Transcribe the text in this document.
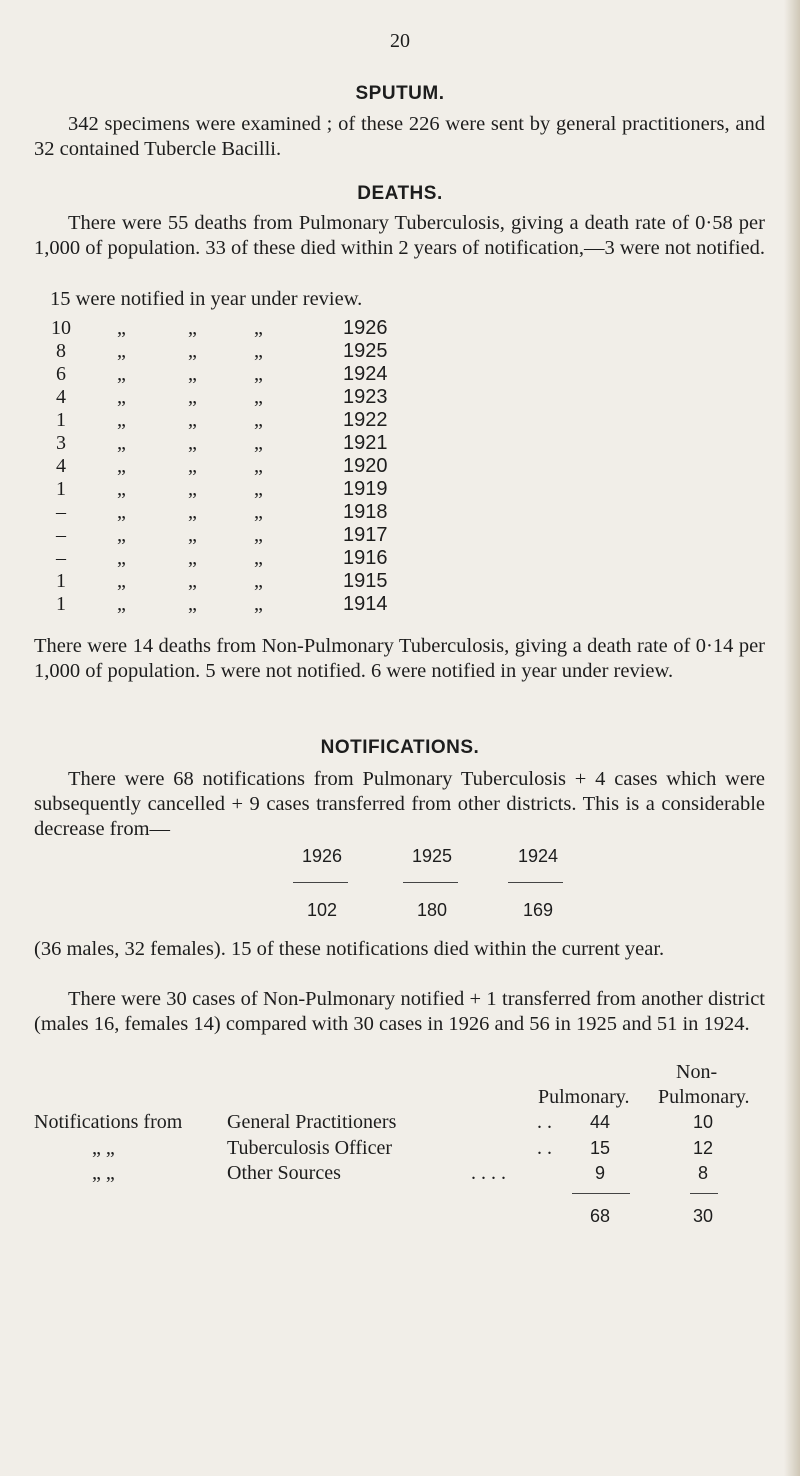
20
SPUTUM.
342 specimens were examined ; of these 226 were sent by general practitioners, and 32 contained Tubercle Bacilli.
DEATHS.
There were 55 deaths from Pulmonary Tuberculosis, giving a death rate of 0·58 per 1,000 of population. 33 of these died within 2 years of notification,—3 were not notified.
15 were notified in year under review.
10 „	„	„	1926
8	„	„	„	1925
6	„	„	„	1924
4	„	„	„	1923
1	„	„	„	1922
3	„	„	„	1921
4	„	„	„	1920
1	„	„	„	1919
–	„	„	„	1918
–	„	„	„	1917
–	„	„	„	1916
1	„	„	„	1915
1	„	„	„	1914
There were 14 deaths from Non-Pulmonary Tuberculosis, giving a death rate of 0·14 per 1,000 of population. 5 were not notified. 6 were notified in year under review.
NOTIFICATIONS.
There were 68 notifications from Pulmonary Tuberculosis + 4 cases which were subsequently cancelled + 9 cases transferred from other districts. This is a considerable decrease from—
1926	1925	1924
102	180	169
(36 males, 32 females). 15 of these notifications died within the current year.
There were 30 cases of Non-Pulmonary notified + 1 transferred from another district (males 16, females 14) compared with 30 cases in 1926 and 56 in 1925 and 51 in 1924.
Non-
Pulmonary. Pulmonary.
Notifications from General Practitioners	. .	44	10
„ „	Tuberculosis Officer	. .	15	12
„ „	Other Sources	. . . .	9	8
68	30
